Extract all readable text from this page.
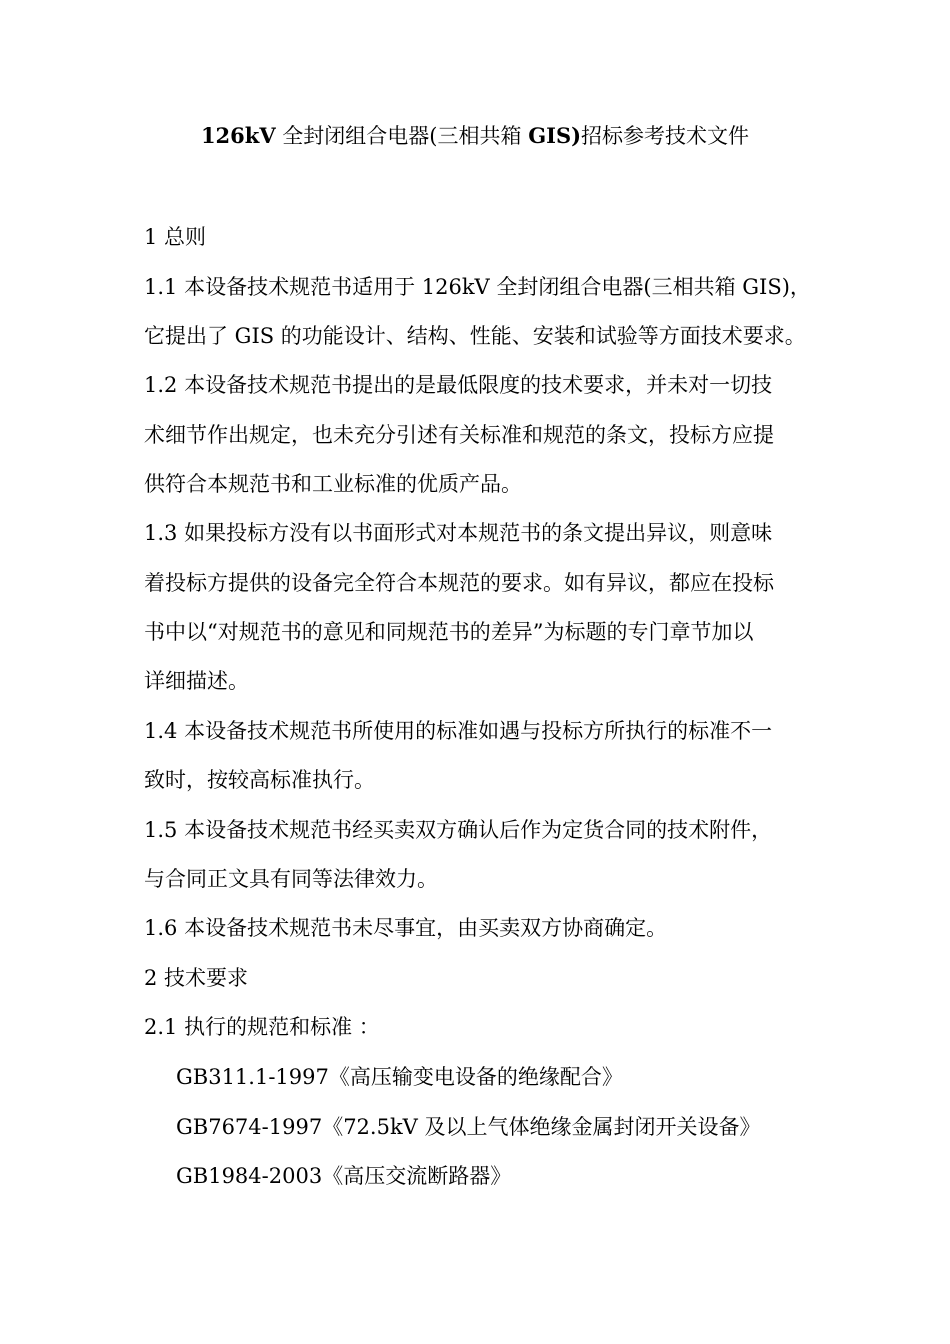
126kV 全封闭组合电器(三相共箱 GIS)招标参考技术文件
1 总则
1.1 本设备技术规范书适用于 126kV 全封闭组合电器(三相共箱 GIS)，
它提出了 GIS 的功能设计、结构、性能、安装和试验等方面技术要求。
1.2 本设备技术规范书提出的是最低限度的技术要求，并未对一切技
术细节作出规定，也未充分引述有关标准和规范的条文，投标方应提
供符合本规范书和工业标准的优质产品。
1.3 如果投标方没有以书面形式对本规范书的条文提出异议，则意味
着投标方提供的设备完全符合本规范的要求。如有异议，都应在投标
书中以“对规范书的意见和同规范书的差异”为标题的专门章节加以
详细描述。
1.4 本设备技术规范书所使用的标准如遇与投标方所执行的标准不一
致时，按较高标准执行。
1.5 本设备技术规范书经买卖双方确认后作为定货合同的技术附件，
与合同正文具有同等法律效力。
1.6 本设备技术规范书未尽事宜，由买卖双方协商确定。
2 技术要求
2.1 执行的规范和标准 ：
GB311.1-1997《高压输变电设备的绝缘配合》
GB7674-1997《72.5kV 及以上气体绝缘金属封闭开关设备》
GB1984-2003《高压交流断路器》
